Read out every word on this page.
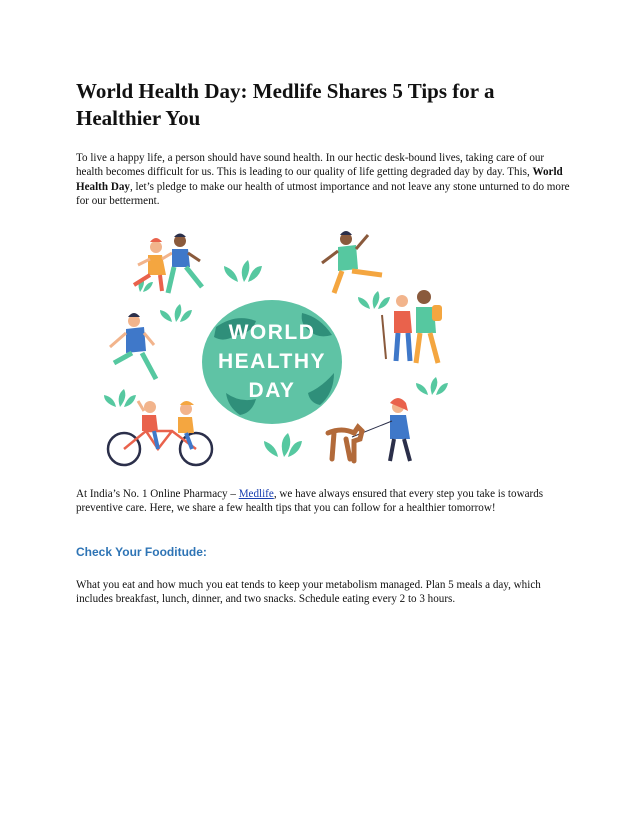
World Health Day: Medlife Shares 5 Tips for a Healthier You

To live a happy life, a person should have sound health. In our hectic desk-bound lives, taking care of our health becomes difficult for us. This is leading to our quality of life getting degraded day by day. This, World Health Day, let’s pledge to make our health of utmost importance and not leave any stone unturned to do more for our betterment.

WORLD
HEALTHY
DAY

At India’s No. 1 Online Pharmacy – Medlife, we have always ensured that every step you take is towards preventive care. Here, we share a few health tips that you can follow for a healthier tomorrow!

Check Your Fooditude:

What you eat and how much you eat tends to keep your metabolism managed. Plan 5 meals a day, which includes breakfast, lunch, dinner, and two snacks. Schedule eating every 2 to 3 hours.
